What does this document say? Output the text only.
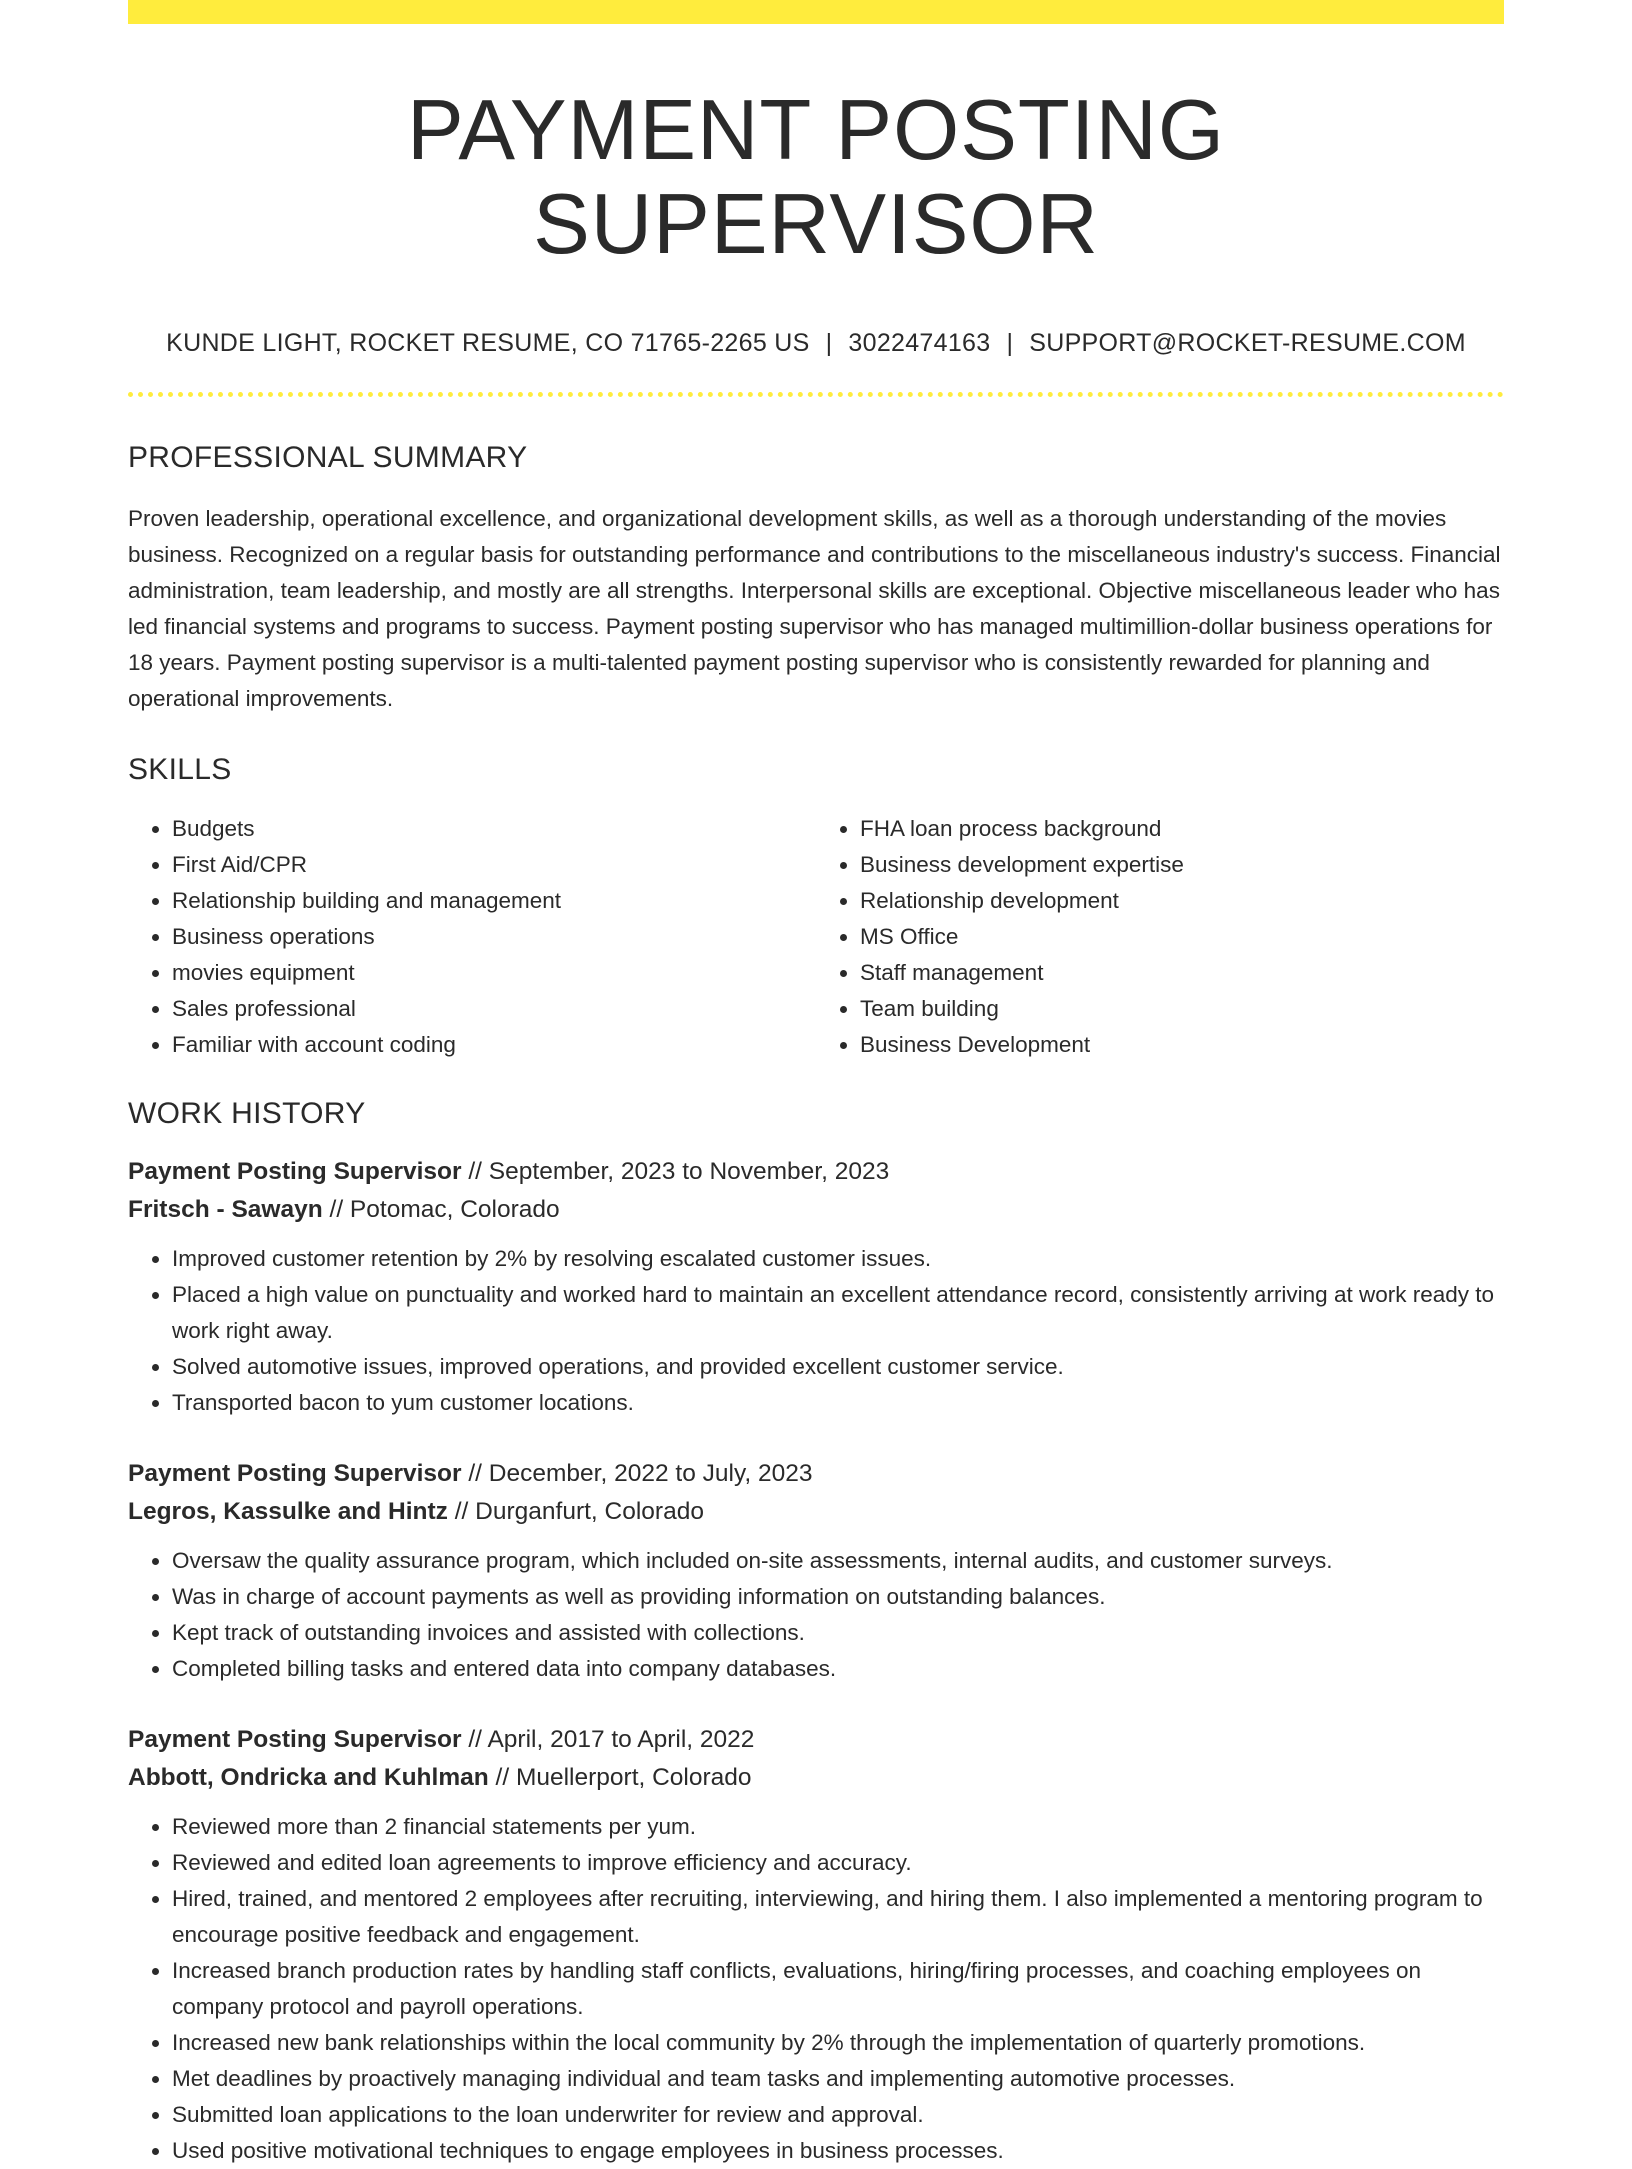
PAYMENT POSTING SUPERVISOR
KUNDE LIGHT, ROCKET RESUME, CO 71765-2265 US | 3022474163 | SUPPORT@ROCKET-RESUME.COM
PROFESSIONAL SUMMARY

Proven leadership, operational excellence, and organizational development skills, as well as a thorough understanding of the movies business. Recognized on a regular basis for outstanding performance and contributions to the miscellaneous industry's success. Financial administration, team leadership, and mostly are all strengths. Interpersonal skills are exceptional. Objective miscellaneous leader who has led financial systems and programs to success. Payment posting supervisor who has managed multimillion-dollar business operations for 18 years. Payment posting supervisor is a multi-talented payment posting supervisor who is consistently rewarded for planning and operational improvements.

SKILLS
• Budgets
• First Aid/CPR
• Relationship building and management
• Business operations
• movies equipment
• Sales professional
• Familiar with account coding
• FHA loan process background
• Business development expertise
• Relationship development
• MS Office
• Staff management
• Team building
• Business Development
WORK HISTORY
Payment Posting Supervisor // September, 2023 to November, 2023
Fritsch - Sawayn // Potomac, Colorado
• Improved customer retention by 2% by resolving escalated customer issues.
• Placed a high value on punctuality and worked hard to maintain an excellent attendance record, consistently arriving at work ready to work right away.
• Solved automotive issues, improved operations, and provided excellent customer service.
• Transported bacon to yum customer locations.
Payment Posting Supervisor // December, 2022 to July, 2023
Legros, Kassulke and Hintz // Durganfurt, Colorado
• Oversaw the quality assurance program, which included on-site assessments, internal audits, and customer surveys.
• Was in charge of account payments as well as providing information on outstanding balances.
• Kept track of outstanding invoices and assisted with collections.
• Completed billing tasks and entered data into company databases.
Payment Posting Supervisor // April, 2017 to April, 2022
Abbott, Ondricka and Kuhlman // Muellerport, Colorado
• Reviewed more than 2 financial statements per yum.
• Reviewed and edited loan agreements to improve efficiency and accuracy.
• Hired, trained, and mentored 2 employees after recruiting, interviewing, and hiring them. I also implemented a mentoring program to encourage positive feedback and engagement.
• Increased branch production rates by handling staff conflicts, evaluations, hiring/firing processes, and coaching employees on company protocol and payroll operations.
• Increased new bank relationships within the local community by 2% through the implementation of quarterly promotions.
• Met deadlines by proactively managing individual and team tasks and implementing automotive processes.
• Submitted loan applications to the loan underwriter for review and approval.
• Used positive motivational techniques to engage employees in business processes.
